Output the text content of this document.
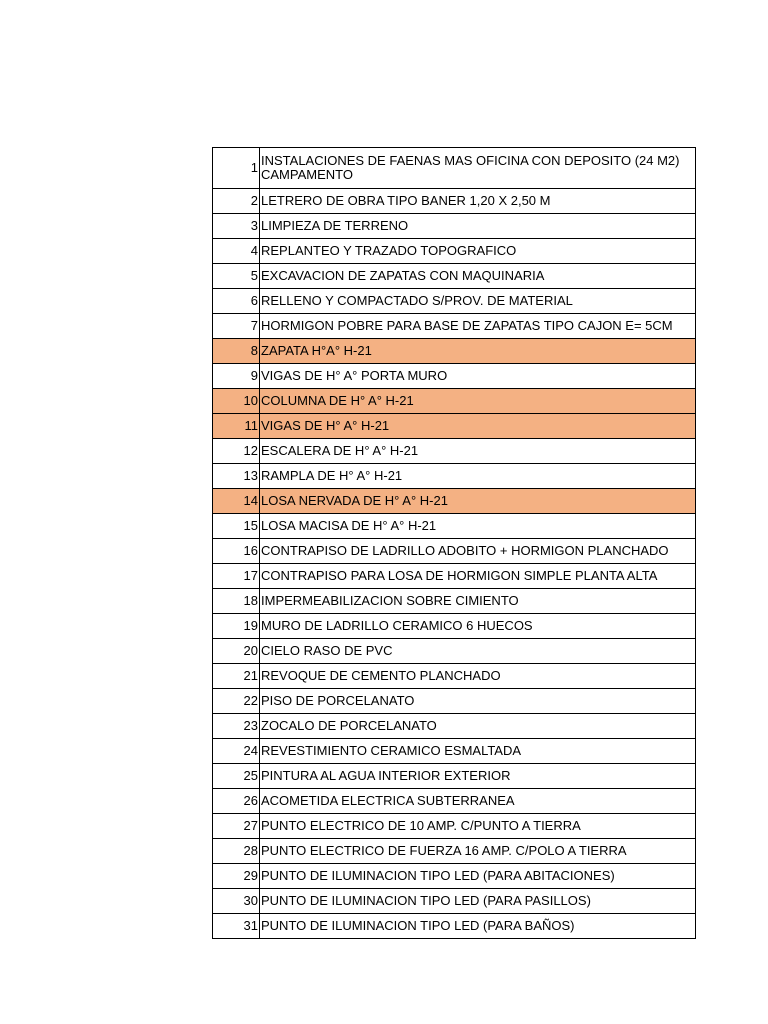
1	INSTALACIONES DE FAENAS MAS OFICINA CON DEPOSITO (24 M2) CAMPAMENTO
2	LETRERO DE OBRA TIPO BANER 1,20 X 2,50 M
3	LIMPIEZA DE TERRENO
4	REPLANTEO Y TRAZADO TOPOGRAFICO
5	EXCAVACION DE ZAPATAS CON MAQUINARIA
6	RELLENO Y COMPACTADO S/PROV. DE MATERIAL
7	HORMIGON POBRE PARA BASE DE ZAPATAS TIPO CAJON E= 5CM
8	ZAPATA H°A° H-21
9	VIGAS DE H° A° PORTA MURO
10	COLUMNA DE H° A° H-21
11	VIGAS DE H° A° H-21
12	ESCALERA DE H° A° H-21
13	RAMPLA DE H° A° H-21
14	LOSA NERVADA DE H° A° H-21
15	LOSA MACISA DE H° A° H-21
16	CONTRAPISO DE LADRILLO ADOBITO + HORMIGON PLANCHADO
17	CONTRAPISO PARA LOSA DE HORMIGON SIMPLE PLANTA ALTA
18	IMPERMEABILIZACION SOBRE CIMIENTO
19	MURO DE LADRILLO CERAMICO 6 HUECOS
20	CIELO RASO DE PVC
21	REVOQUE DE CEMENTO PLANCHADO
22	PISO DE PORCELANATO
23	ZOCALO DE PORCELANATO
24	REVESTIMIENTO CERAMICO ESMALTADA
25	PINTURA AL AGUA INTERIOR EXTERIOR
26	ACOMETIDA ELECTRICA SUBTERRANEA
27	PUNTO ELECTRICO DE 10 AMP. C/PUNTO A TIERRA
28	PUNTO ELECTRICO DE FUERZA 16 AMP. C/POLO A TIERRA
29	PUNTO DE ILUMINACION TIPO LED (PARA ABITACIONES)
30	PUNTO DE ILUMINACION TIPO LED (PARA PASILLOS)
31	PUNTO DE ILUMINACION TIPO LED (PARA BAÑOS)
